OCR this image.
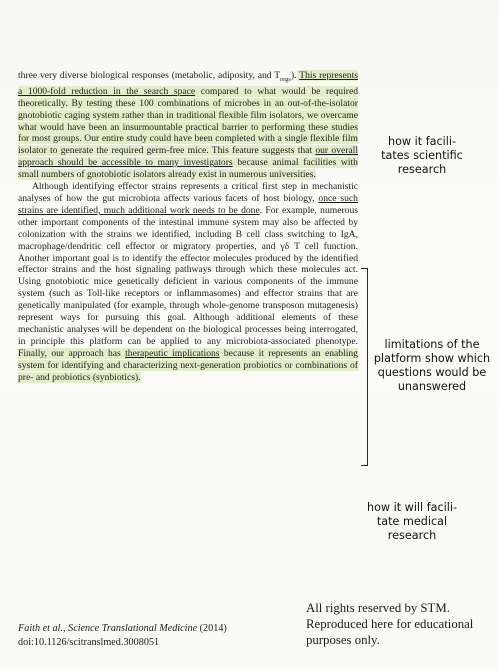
three very diverse biological responses (metabolic, adiposity, and $T_{regs}$). This represents a 1000-fold reduction in the search space compared to what would be required theoretically. By testing these 100 combinations of microbes in an out-of-the-isolator gnotobiotic caging system rather than in traditional flexible film isolators, we overcame what would have been an insurmountable practical barrier to performing these studies for most groups. Our entire study could have been completed with a single flexible film isolator to generate the required germ-free mice. This feature suggests that our overall approach should be accessible to many investigators because animal facilities with small numbers of gnotobiotic isolators already exist in numerous universities.
Although identifying effector strains represents a critical first step in mechanistic analyses of how the gut microbiota affects various facets of host biology, once such strains are identified, much additional work needs to be done. For example, numerous other important components of the intestinal immune system may also be affected by colonization with the strains we identified, including B cell class switching to IgA, macrophage/dendritic cell effector or migratory properties, and γδ T cell function. Another important goal is to identify the effector molecules produced by the identified effector strains and the host signaling pathways through which these molecules act. Using gnotobiotic mice genetically deficient in various components of the immune system (such as Toll-like receptors or inflammasomes) and effector strains that are genetically manipulated (for example, through whole-genome transposon mutagenesis) represent ways for pursuing this goal. Although additional elements of these mechanistic analyses will be dependent on the biological processes being interrogated, in principle this platform can be applied to any microbiota-associated phenotype. Finally, our approach has therapeutic implications because it represents an enabling system for identifying and characterizing next-generation probiotics or combinations of pre- and probiotics (synbiotics).
how it facili-
tates scientific
research
limitations of the
platform show which
questions would be
unanswered
how it will facili-
tate medical
research
Faith et al., Science Translational Medicine (2014)
doi:10.1126/scitranslmed.3008051
All rights reserved by STM. Reproduced here for educational purposes only.
